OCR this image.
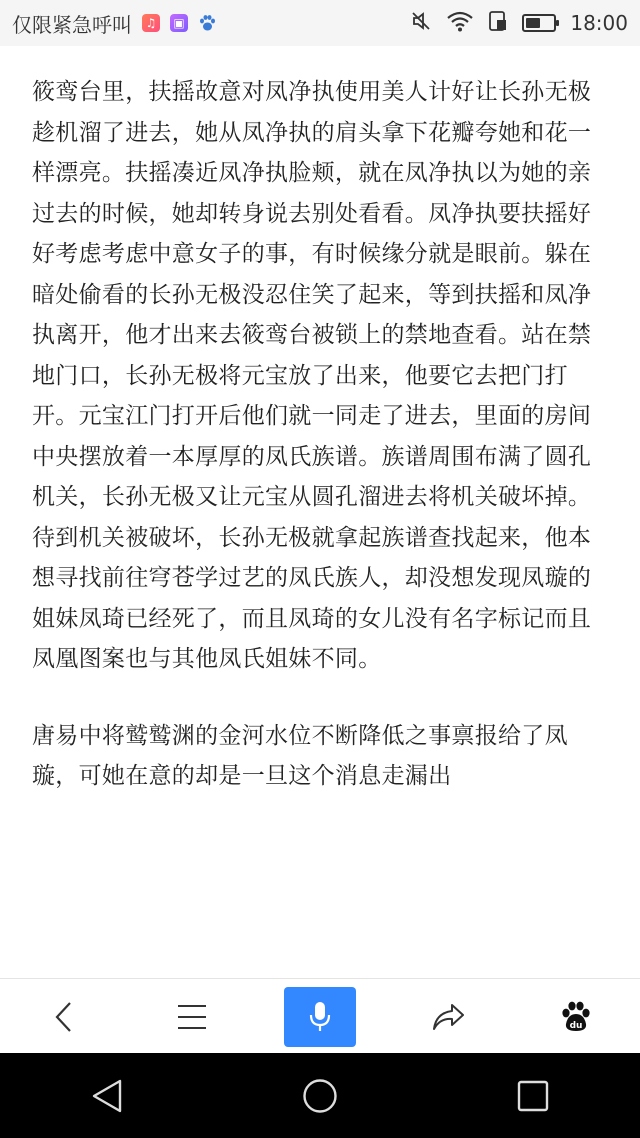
仅限紧急呼叫	♫	▣	18:00

筱鸾台里，扶摇故意对凤净执使用美人计好让长孙无极趁机溜了进去，她从凤净执的肩头拿下花瓣夸她和花一样漂亮。扶摇凑近凤净执脸颊，就在凤净执以为她的亲过去的时候，她却转身说去别处看看。凤净执要扶摇好好考虑考虑中意女子的事，有时候缘分就是眼前。躲在暗处偷看的长孙无极没忍住笑了起来，等到扶摇和凤净执离开，他才出来去筱鸾台被锁上的禁地查看。站在禁地门口，长孙无极将元宝放了出来，他要它去把门打开。元宝江门打开后他们就一同走了进去，里面的房间中央摆放着一本厚厚的凤氏族谱。族谱周围布满了圆孔机关，长孙无极又让元宝从圆孔溜进去将机关破坏掉。待到机关被破坏，长孙无极就拿起族谱查找起来，他本想寻找前往穹苍学过艺的凤氏族人，却没想发现凤璇的姐妹凤琦已经死了，而且凤琦的女儿没有名字标记而且凤凰图案也与其他凤氏姐妹不同。

唐易中将鹫鹫渊的金河水位不断降低之事禀报给了凤璇，可她在意的却是一旦这个消息走漏出

du
